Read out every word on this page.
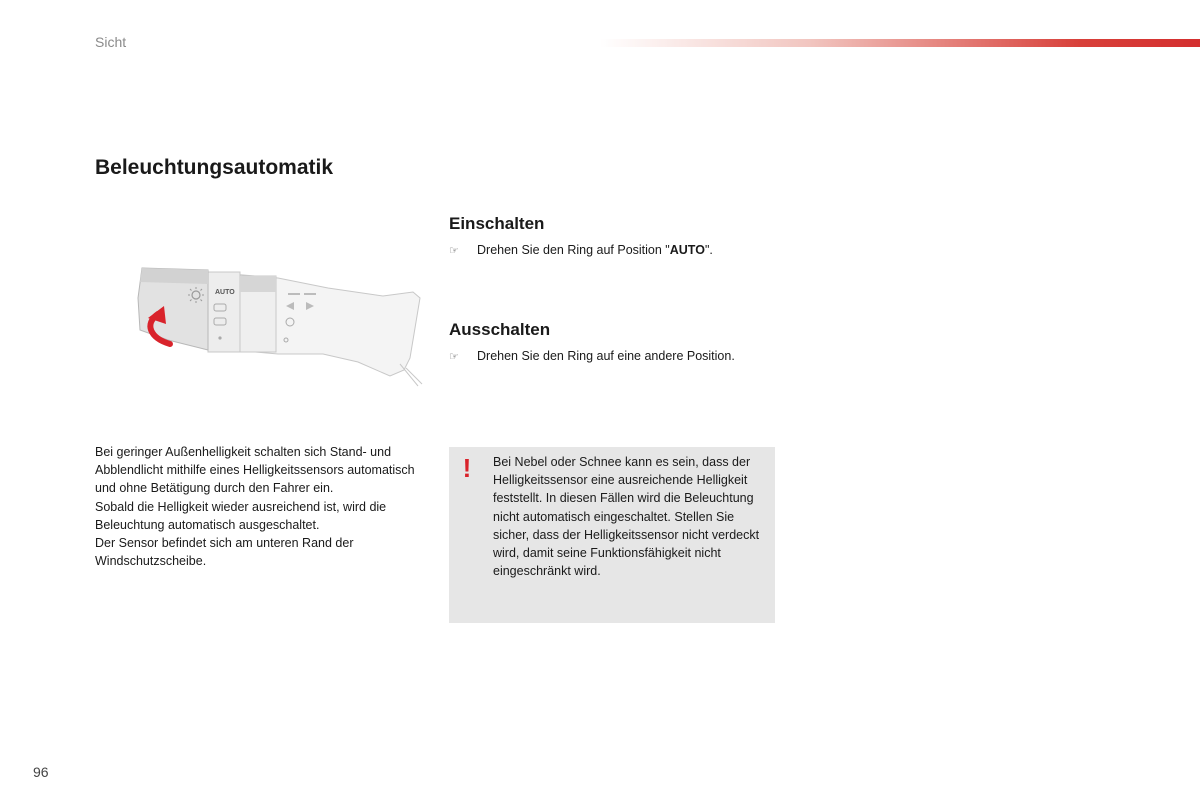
Sicht
Beleuchtungsautomatik
AUTO
Einschalten
☞	Drehen Sie den Ring auf Position "AUTO".
Ausschalten
☞	Drehen Sie den Ring auf eine andere Position.

Bei geringer Außenhelligkeit schalten sich Stand- und Abblendlicht mithilfe eines Helligkeitssensors automatisch und ohne Betätigung durch den Fahrer ein.

Sobald die Helligkeit wieder ausreichend ist, wird die Beleuchtung automatisch ausgeschaltet.

Der Sensor befindet sich am unteren Rand der Windschutzscheibe.

! Bei Nebel oder Schnee kann es sein, dass der Helligkeitssensor eine ausreichende Helligkeit feststellt. In diesen Fällen wird die Beleuchtung nicht automatisch eingeschaltet. Stellen Sie sicher, dass der Helligkeitssensor nicht verdeckt wird, damit seine Funktionsfähigkeit nicht eingeschränkt wird.
96
